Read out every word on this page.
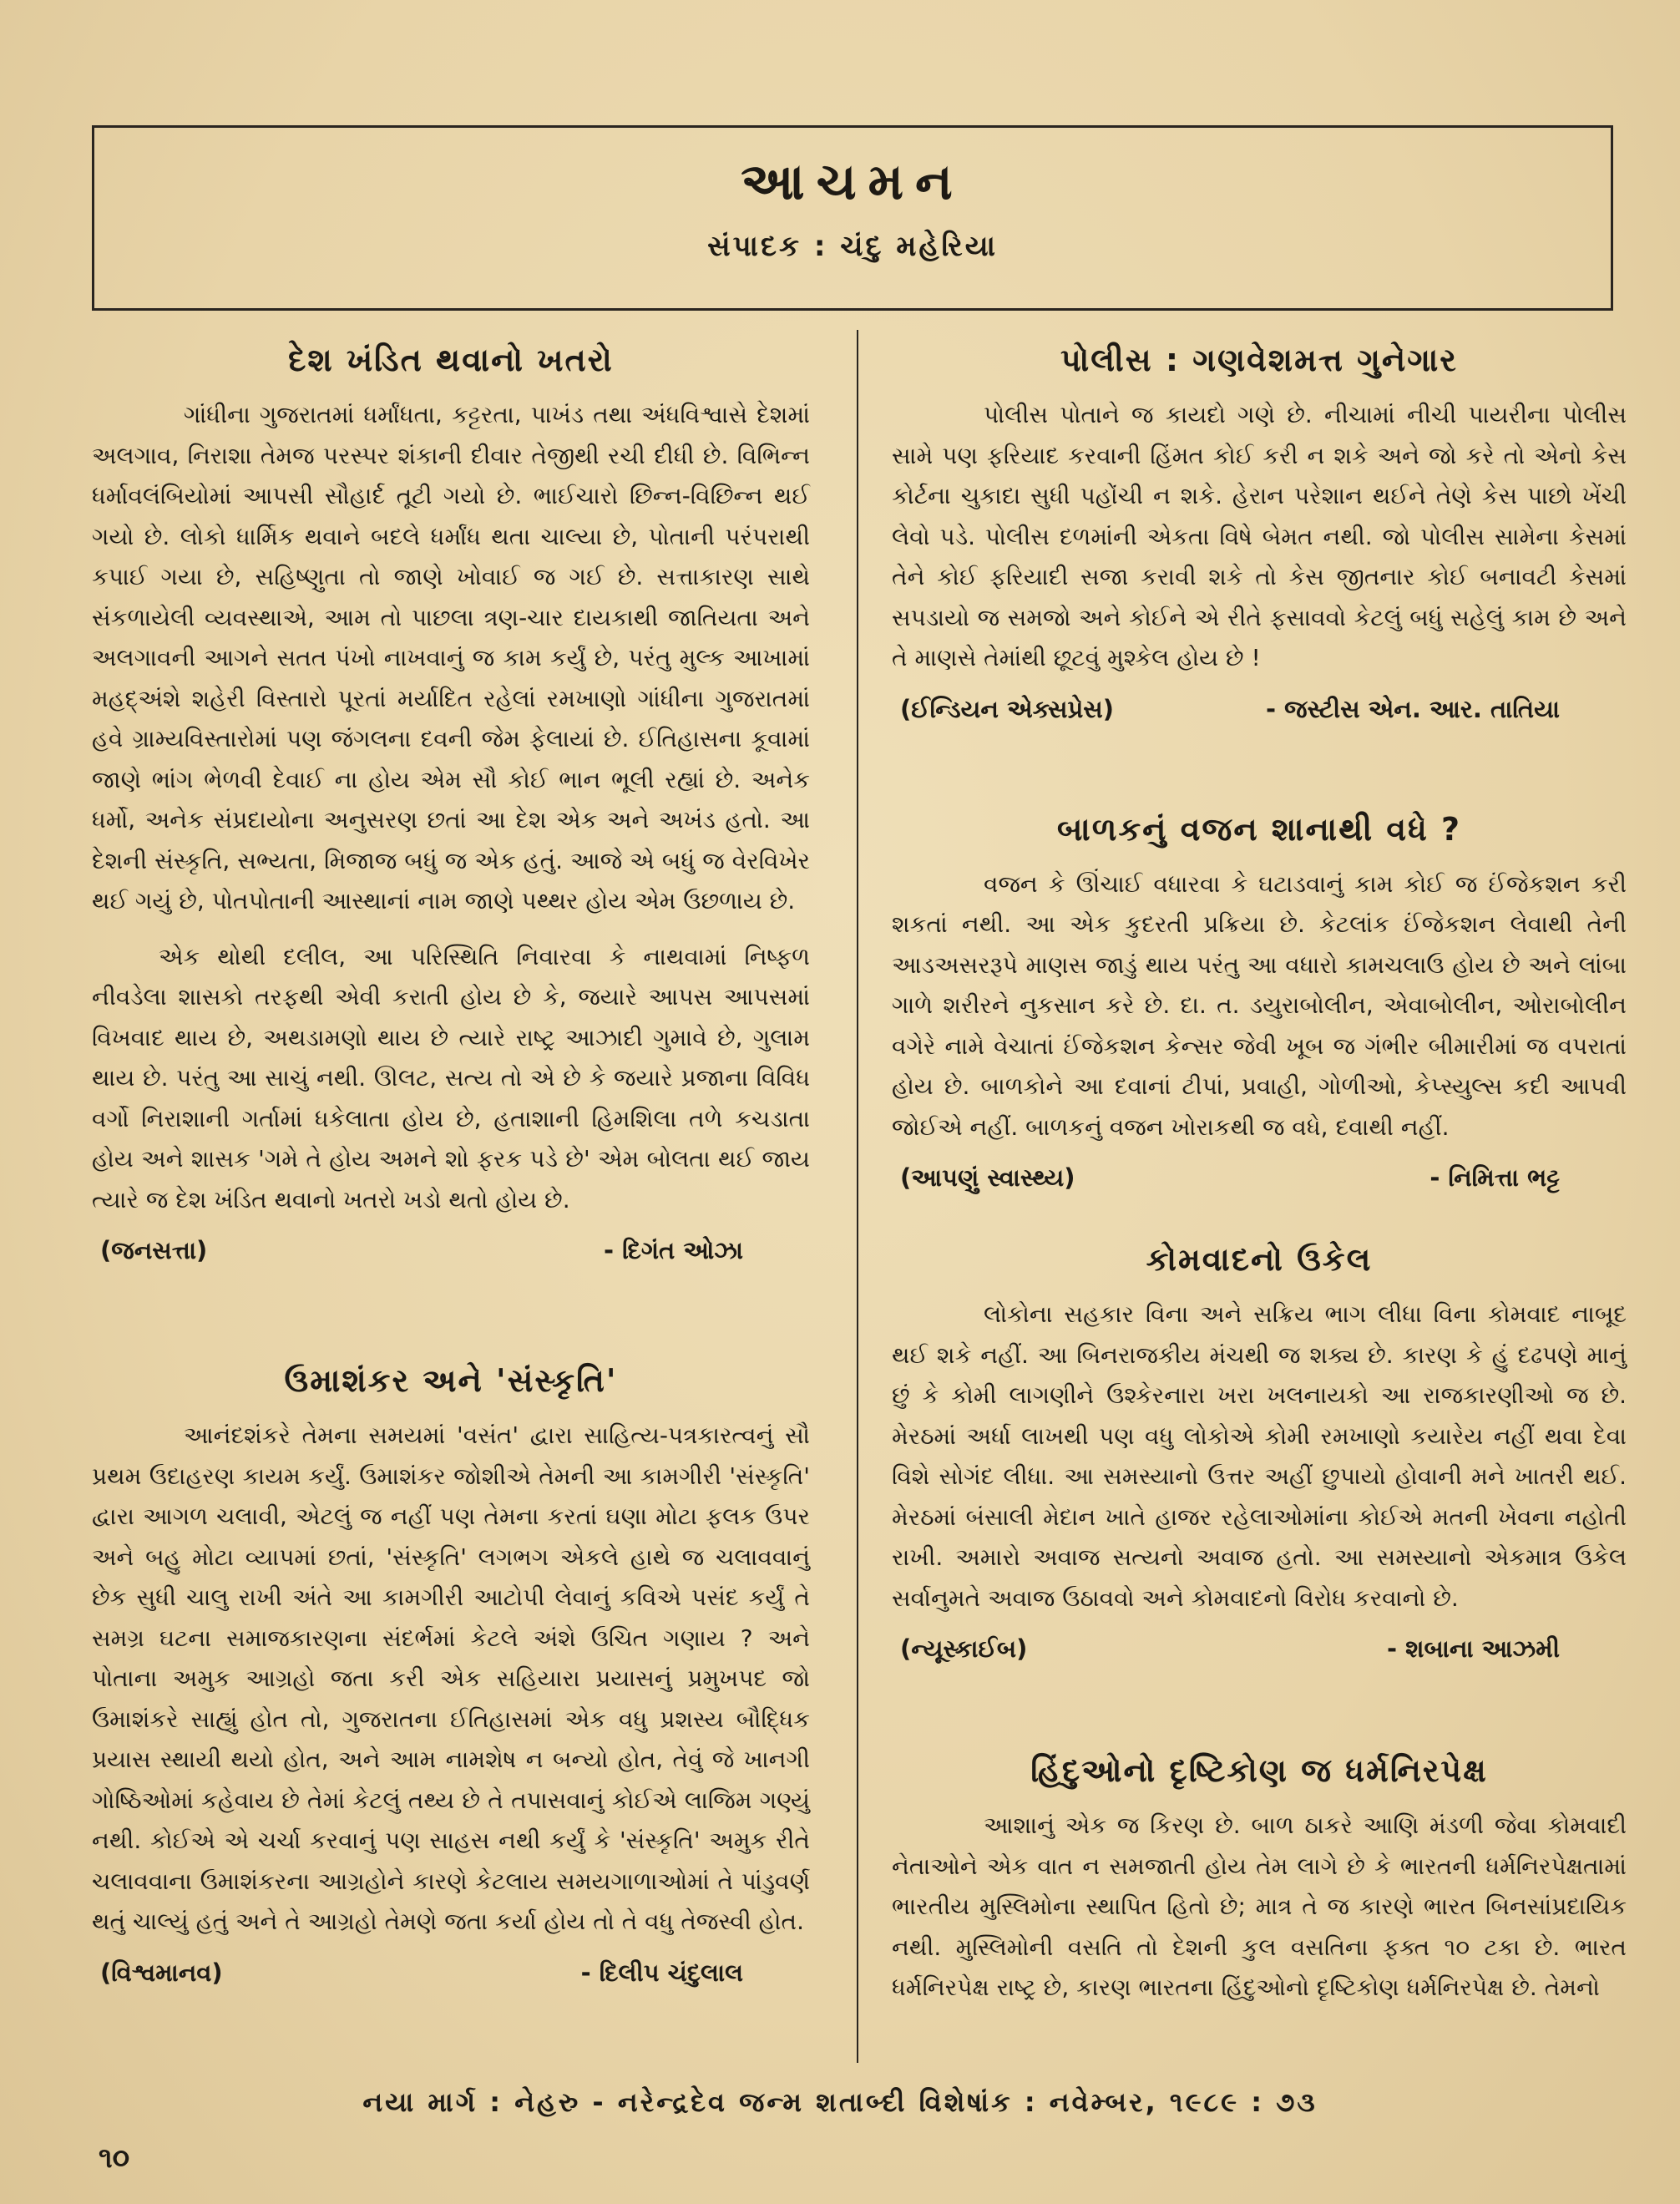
આચમન
સંપાદક : ચંદુ મહેરિયા
દેશ ખંડિત થવાનો ખતરો

ગાંધીના ગુજરાતમાં ધર્માંધતા, કટ્ટરતા, પાખંડ તથા અંધવિશ્વાસે દેશમાં અલગાવ, નિરાશા તેમજ પરસ્પર શંકાની દીવાર તેજીથી રચી દીધી છે. વિભિન્ન ધર્માવલંબિયોમાં આપસી સૌહાર્દ તૂટી ગયો છે. ભાઈચારો છિન્ન-વિછિન્ન થઈ ગયો છે. લોકો ધાર્મિક થવાને બદલે ધર્માંધ થતા ચાલ્યા છે, પોતાની પરંપરાથી કપાઈ ગયા છે, સહિષ્ણુતા તો જાણે ખોવાઈ જ ગઈ છે. સત્તાકારણ સાથે સંકળાયેલી વ્યવસ્થાએ, આમ તો પાછલા ત્રણ-ચાર દાયકાથી જાતિયતા અને અલગાવની આગને સતત પંખો નાખવાનું જ કામ કર્યું છે, પરંતુ મુલ્ક આખામાં મહદ્અંશે શહેરી વિસ્તારો પૂરતાં મર્યાદિત રહેલાં રમખાણો ગાંધીના ગુજરાતમાં હવે ગ્રામ્યવિસ્તારોમાં પણ જંગલના દવની જેમ ફેલાયાં છે. ઈતિહાસના કૂવામાં જાણે ભાંગ ભેળવી દેવાઈ ના હોય એમ સૌ કોઈ ભાન ભૂલી રહ્યાં છે. અનેક ધર્મો, અનેક સંપ્રદાયોના અનુસરણ છતાં આ દેશ એક અને અખંડ હતો. આ દેશની સંસ્કૃતિ, સભ્યતા, મિજાજ બધું જ એક હતું. આજે એ બધું જ વેરવિખેર થઈ ગયું છે, પોતપોતાની આસ્થાનાં નામ જાણે પથ્થર હોય એમ ઉછળાય છે.

એક થોથી દલીલ, આ પરિસ્થિતિ નિવારવા કે નાથવામાં નિષ્ફળ નીવડેલા શાસકો તરફથી એવી કરાતી હોય છે કે, જયારે આપસ આપસમાં વિખવાદ થાય છે, અથડામણો થાય છે ત્યારે રાષ્ટ્ર આઝાદી ગુમાવે છે, ગુલામ થાય છે. પરંતુ આ સાચું નથી. ઊલટ, સત્ય તો એ છે કે જયારે પ્રજાના વિવિધ વર્ગો નિરાશાની ગર્તામાં ધકેલાતા હોય છે, હતાશાની હિમશિલા તળે કચડાતા હોય અને શાસક 'ગમે તે હોય અમને શો ફરક પડે છે' એમ બોલતા થઈ જાય ત્યારે જ દેશ ખંડિત થવાનો ખતરો ખડો થતો હોય છે.

(જનસત્તા)	- દિગંત ઓઝા
ઉમાશંકર અને 'સંસ્કૃતિ'

આનંદશંકરે તેમના સમયમાં 'વસંત' દ્વારા સાહિત્ય-પત્રકારત્વનું સૌ પ્રથમ ઉદાહરણ કાયમ કર્યું. ઉમાશંકર જોશીએ તેમની આ કામગીરી 'સંસ્કૃતિ' દ્વારા આગળ ચલાવી, એટલું જ નહીં પણ તેમના કરતાં ઘણા મોટા ફલક ઉપર અને બહુ મોટા વ્યાપમાં છતાં, 'સંસ્કૃતિ' લગભગ એકલે હાથે જ ચલાવવાનું છેક સુધી ચાલુ રાખી અંતે આ કામગીરી આટોપી લેવાનું કવિએ પસંદ કર્યું તે સમગ્ર ઘટના સમાજકારણના સંદર્ભમાં કેટલે અંશે ઉચિત ગણાય ? અને પોતાના અમુક આગ્રહો જતા કરી એક સહિયારા પ્રયાસનું પ્રમુખપદ જો ઉમાશંકરે સાહ્યું હોત તો, ગુજરાતના ઈતિહાસમાં એક વધુ પ્રશસ્ય બૌદ્ધિક પ્રયાસ સ્થાયી થયો હોત, અને આમ નામશેષ ન બન્યો હોત, તેવું જે ખાનગી ગોષ્ઠિઓમાં કહેવાય છે તેમાં કેટલું તથ્ય છે તે તપાસવાનું કોઈએ લાજિમ ગણ્યું નથી. કોઈએ એ ચર્ચા કરવાનું પણ સાહસ નથી કર્યું કે 'સંસ્કૃતિ' અમુક રીતે ચલાવવાના ઉમાશંકરના આગ્રહોને કારણે કેટલાય સમયગાળાઓમાં તે પાંડુવર્ણ થતું ચાલ્યું હતું અને તે આગ્રહો તેમણે જતા કર્યા હોય તો તે વધુ તેજસ્વી હોત.

(વિશ્વમાનવ)	- દિલીપ ચંદુલાલ
પોલીસ : ગણવેશમત્ત ગુનેગાર

પોલીસ પોતાને જ કાયદો ગણે છે. નીચામાં નીચી પાયરીના પોલીસ સામે પણ ફરિયાદ કરવાની હિંમત કોઈ કરી ન શકે અને જો કરે તો એનો કેસ કોર્ટના ચુકાદા સુધી પહોંચી ન શકે. હેરાન પરેશાન થઈને તેણે કેસ પાછો ખેંચી લેવો પડે. પોલીસ દળમાંની એકતા વિષે બેમત નથી. જો પોલીસ સામેના કેસમાં તેને કોઈ ફરિયાદી સજા કરાવી શકે તો કેસ જીતનાર કોઈ બનાવટી કેસમાં સપડાયો જ સમજો અને કોઈને એ રીતે ફસાવવો કેટલું બધું સહેલું કામ છે અને તે માણસે તેમાંથી છૂટવું મુશ્કેલ હોય છે !

(ઈન્ડિયન એક્સપ્રેસ)	- જસ્ટીસ એન. આર. તાતિયા
બાળકનું વજન શાનાથી વધે ?

વજન કે ઊંચાઈ વધારવા કે ઘટાડવાનું કામ કોઈ જ ઈંજેકશન કરી શકતાં નથી. આ એક કુદરતી પ્રક્રિયા છે. કેટલાંક ઈંજેકશન લેવાથી તેની આડઅસરરૂપે માણસ જાડું થાય પરંતુ આ વધારો કામચલાઉ હોય છે અને લાંબા ગાળે શરીરને નુકસાન કરે છે. દા. ત. ડયુરાબોલીન, એવાબોલીન, ઓરાબોલીન વગેરે નામે વેચાતાં ઈંજેકશન કેન્સર જેવી ખૂબ જ ગંભીર બીમારીમાં જ વપરાતાં હોય છે. બાળકોને આ દવાનાં ટીપાં, પ્રવાહી, ગોળીઓ, કેપ્સ્યુલ્સ કદી આપવી જોઈએ નહીં. બાળકનું વજન ખોરાકથી જ વધે, દવાથી નહીં.

(આપણું સ્વાસ્થ્ય)	- નિમિત્તા ભટ્ટ
કોમવાદનો ઉકેલ

લોકોના સહકાર વિના અને સક્રિય ભાગ લીધા વિના કોમવાદ નાબૂદ થઈ શકે નહીં. આ બિનરાજકીય મંચથી જ શક્ય છે. કારણ કે હું દઢપણે માનું છું કે કોમી લાગણીને ઉશ્કેરનારા ખરા ખલનાયકો આ રાજકારણીઓ જ છે. મેરઠમાં અર્ધા લાખથી પણ વધુ લોકોએ કોમી રમખાણો કયારેય નહીં થવા દેવા વિશે સોગંદ લીધા. આ સમસ્યાનો ઉત્તર અહીં છુપાયો હોવાની મને ખાતરી થઈ. મેરઠમાં બંસાલી મેદાન ખાતે હાજર રહેલાઓમાંના કોઈએ મતની ખેવના નહોતી રાખી. અમારો અવાજ સત્યનો અવાજ હતો. આ સમસ્યાનો એકમાત્ર ઉકેલ સર્વાનુમતે અવાજ ઉઠાવવો અને કોમવાદનો વિરોધ કરવાનો છે.

(ન્યૂસ્કાઈબ)	- શબાના આઝમી
હિંદુઓનો દૃષ્ટિકોણ જ ધર્મનિરપેક્ષ

આશાનું એક જ કિરણ છે. બાળ ઠાકરે આણિ મંડળી જેવા કોમવાદી નેતાઓને એક વાત ન સમજાતી હોય તેમ લાગે છે કે ભારતની ધર્મનિરપેક્ષતામાં ભારતીય મુસ્લિમોના સ્થાપિત હિતો છે; માત્ર તે જ કારણે ભારત બિનસાંપ્રદાયિક નથી. મુસ્લિમોની વસતિ તો દેશની કુલ વસતિના ફક્ત ૧૦ ટકા છે. ભારત ધર્મનિરપેક્ષ રાષ્ટ્ર છે, કારણ ભારતના હિંદુઓનો દૃષ્ટિકોણ ધર્મનિરપેક્ષ છે. તેમનો

નયા માર્ગ : નેહરુ - નરેન્દ્રદેવ જન્મ શતાબ્દી વિશેષાંક : નવેમ્બર, ૧૯૮૯ : ૭૩
૧૦
